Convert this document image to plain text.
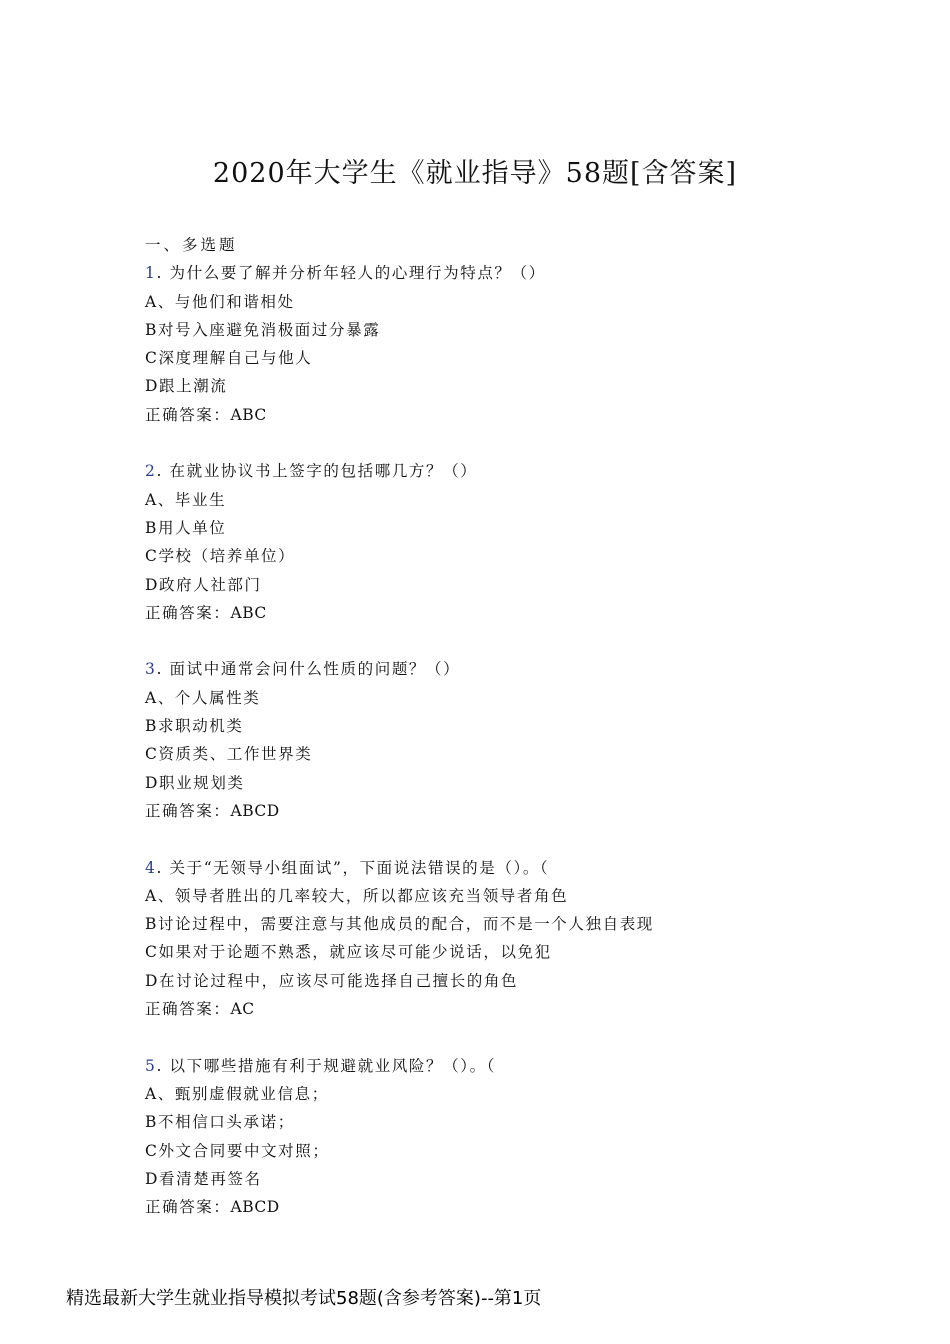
2020年大学生《就业指导》58题[含答案]
一、多选题
1. 为什么要了解并分析年轻人的心理行为特点？（）
A、与他们和谐相处
B对号入座避免消极面过分暴露
C深度理解自己与他人
D跟上潮流
正确答案：ABC
2. 在就业协议书上签字的包括哪几方？（）
A、毕业生
B用人单位
C学校（培养单位）
D政府人社部门
正确答案：ABC
3. 面试中通常会问什么性质的问题？（）
A、个人属性类
B求职动机类
C资质类、工作世界类
D职业规划类
正确答案：ABCD
4. 关于“无领导小组面试”，下面说法错误的是（）。（
A、领导者胜出的几率较大，所以都应该充当领导者角色
B讨论过程中，需要注意与其他成员的配合，而不是一个人独自表现
C如果对于论题不熟悉，就应该尽可能少说话，以免犯
D在讨论过程中，应该尽可能选择自己擅长的角色
正确答案：AC
5. 以下哪些措施有利于规避就业风险？（）。（
A、甄别虚假就业信息；
B不相信口头承诺；
C外文合同要中文对照；
D看清楚再签名
正确答案：ABCD
精选最新大学生就业指导模拟考试58题(含参考答案)--第1页
